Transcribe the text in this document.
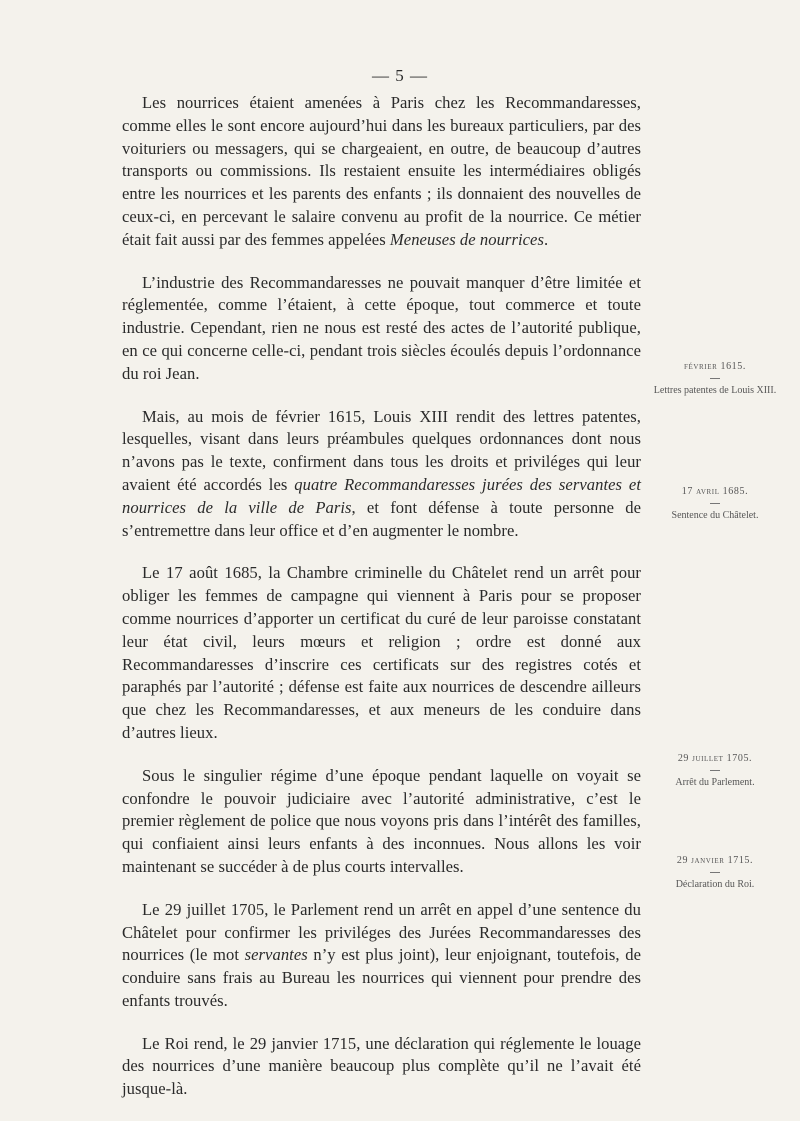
— 5 —

Les nourrices étaient amenées à Paris chez les Recommandaresses, comme elles le sont encore aujourd’hui dans les bureaux particuliers, par des voituriers ou messagers, qui se chargeaient, en outre, de beaucoup d’autres transports ou commissions. Ils restaient ensuite les intermédiaires obligés entre les nourrices et les parents des enfants ; ils donnaient des nouvelles de ceux-ci, en percevant le salaire convenu au profit de la nourrice. Ce métier était fait aussi par des femmes appelées Meneuses de nourrices.

L’industrie des Recommandaresses ne pouvait manquer d’être limitée et réglementée, comme l’étaient, à cette époque, tout commerce et toute industrie. Cependant, rien ne nous est resté des actes de l’autorité publique, en ce qui concerne celle-ci, pendant trois siècles écoulés depuis l’ordonnance du roi Jean.

Mais, au mois de février 1615, Louis XIII rendit des lettres patentes, lesquelles, visant dans leurs préambules quelques ordonnances dont nous n’avons pas le texte, confirment dans tous les droits et priviléges qui leur avaient été accordés les quatre Recommandaresses jurées des servantes et nourrices de la ville de Paris, et font défense à toute personne de s’entremettre dans leur office et d’en augmenter le nombre.

Le 17 août 1685, la Chambre criminelle du Châtelet rend un arrêt pour obliger les femmes de campagne qui viennent à Paris pour se proposer comme nourrices d’apporter un certificat du curé de leur paroisse constatant leur état civil, leurs mœurs et religion ; ordre est donné aux Recommandaresses d’inscrire ces certificats sur des registres cotés et paraphés par l’autorité ; défense est faite aux nourrices de descendre ailleurs que chez les Recommandaresses, et aux meneurs de les conduire dans d’autres lieux.

Sous le singulier régime d’une époque pendant laquelle on voyait se confondre le pouvoir judiciaire avec l’autorité administrative, c’est le premier règlement de police que nous voyons pris dans l’intérêt des familles, qui confiaient ainsi leurs enfants à des inconnues. Nous allons les voir maintenant se succéder à de plus courts intervalles.

Le 29 juillet 1705, le Parlement rend un arrêt en appel d’une sentence du Châtelet pour confirmer les priviléges des Jurées Recommandaresses des nourrices (le mot servantes n’y est plus joint), leur enjoignant, toutefois, de conduire sans frais au Bureau les nourrices qui viennent pour prendre des enfants trouvés.

Le Roi rend, le 29 janvier 1715, une déclaration qui réglemente le louage des nourrices d’une manière beaucoup plus complète qu’il ne l’avait été jusque-là.

février 1615.
Lettres patentes de Louis XIII.
17 avril 1685.
Sentence du Châtelet.
29 juillet 1705.
Arrêt du Parlement.
29 janvier 1715.
Déclaration du Roi.
